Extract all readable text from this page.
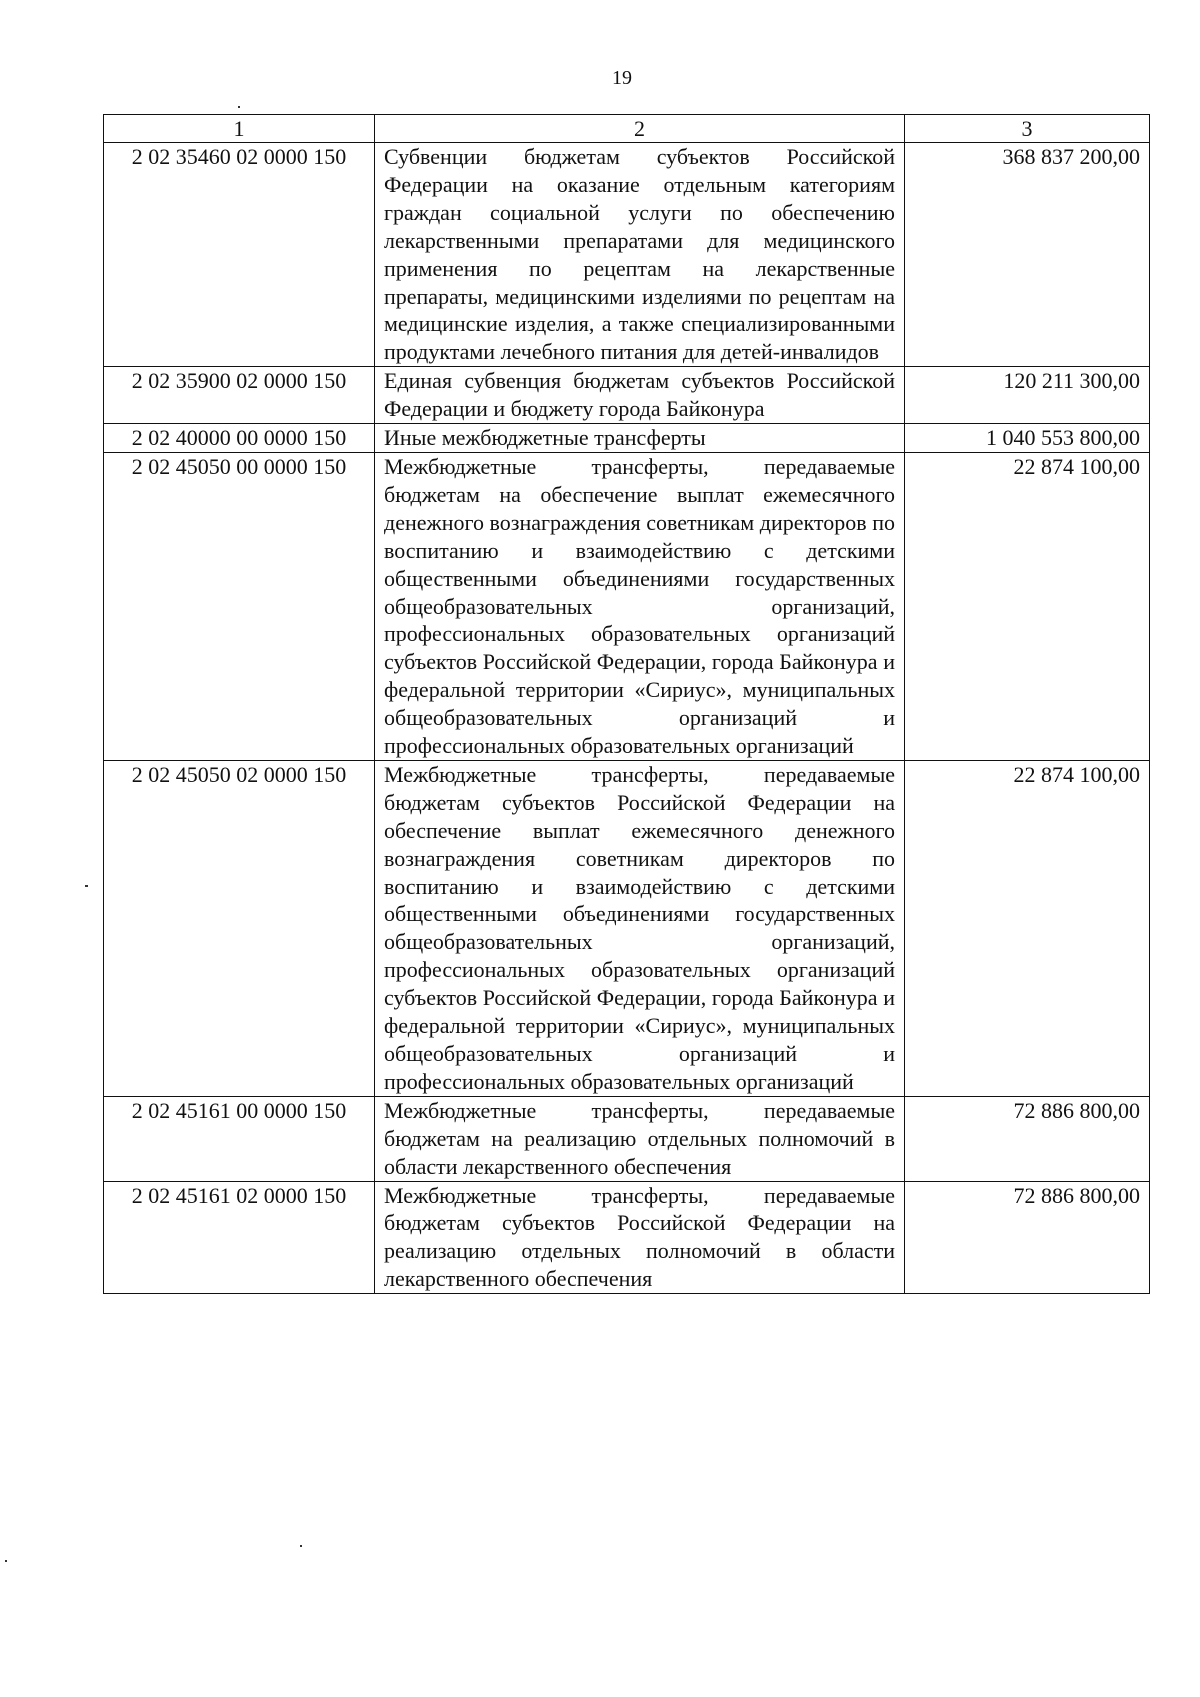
19
1	2	3
2 02 35460 02 0000 150	Субвенции бюджетам субъектов Российской Федерации на оказание отдельным категориям граждан социальной услуги по обеспечению лекарственными препаратами для медицинского применения по рецептам на лекарственные препараты, медицинскими изделиями по рецептам на медицинские изделия, а также специализированными продуктами лечебного питания для детей-инвалидов	368 837 200,00
2 02 35900 02 0000 150	Единая субвенция бюджетам субъектов Российской Федерации и бюджету города Байконура	120 211 300,00
2 02 40000 00 0000 150	Иные межбюджетные трансферты	1 040 553 800,00
2 02 45050 00 0000 150	Межбюджетные трансферты, передаваемые бюджетам на обеспечение выплат ежемесячного денежного вознаграждения советникам директоров по воспитанию и взаимодействию с детскими общественными объединениями государственных общеобразовательных организаций, профессиональных образовательных организаций субъектов Российской Федерации, города Байконура и федеральной территории «Сириус», муниципальных общеобразовательных организаций и профессиональных образовательных организаций	22 874 100,00
2 02 45050 02 0000 150	Межбюджетные трансферты, передаваемые бюджетам субъектов Российской Федерации на обеспечение выплат ежемесячного денежного вознаграждения советникам директоров по воспитанию и взаимодействию с детскими общественными объединениями государственных общеобразовательных организаций, профессиональных образовательных организаций субъектов Российской Федерации, города Байконура и федеральной территории «Сириус», муниципальных общеобразовательных организаций и профессиональных образовательных организаций	22 874 100,00
2 02 45161 00 0000 150	Межбюджетные трансферты, передаваемые бюджетам на реализацию отдельных полномочий в области лекарственного обеспечения	72 886 800,00
2 02 45161 02 0000 150	Межбюджетные трансферты, передаваемые бюджетам субъектов Российской Федерации на реализацию отдельных полномочий в области лекарственного обеспечения	72 886 800,00
